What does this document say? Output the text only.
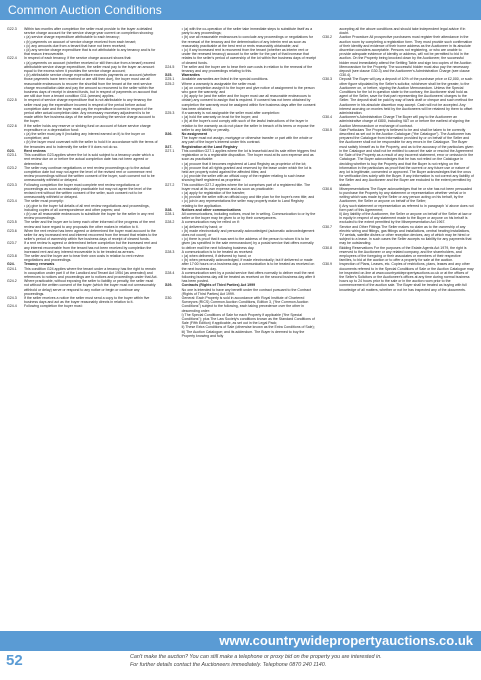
Common Auction Conditions
G22.3	Within two months after completion the seller must provide to the buyer a detailed service charge account for the service charge year current on completion showing:
• (a) service charge expenditure attributable to each tenancy;
• (b) payments on account of service charge received from each tenant;
• (c) any amounts due from a tenant that have not been received;
• (d) any service charge expenditure that is not attributable to any tenancy and is for that reason irrecoverable.
G22.4	In respect of each tenancy, if the service charge account shows that:
• (a) payments on account (whether received or still then due from a tenant) exceed attributable service charge expenditure, the seller must pay to the buyer an amount equal to the excess when it provides the service charge account;
• (b) attributable service charge expenditure exceeds payments on account (whether those payments have been received or are still then due), the buyer must use all reasonable endeavours to recover the shortfall from the tenant at the next service charge reconciliation date and pay the amount so recovered to the seller within five business days of receipt in cleared funds, but in respect of payments on account that are still due from a tenant condition G11 (arrears) applies.
G22.5	In respect of service charge expenditure that is not attributable to any tenancy the seller must pay the expenditure incurred in respect of the period before actual completion date and the buyer must pay the expenditure incurred in respect of the period after actual completion date. Any necessary monetary adjustment is to be made within five business days of the seller providing the service charge account to the buyer.
G22.6	If the seller holds any reserve or sinking fund on account of future service charge expenditure or a depreciation fund:
• (a) the seller must pay it (including any interest earned on it) to the buyer on completion; and
• (b) the buyer must covenant with the seller to hold it in accordance with the terms of the tenancies and to indemnify the seller if it does not do so.
G23.	Rent reviews
G23.1	This condition G23 applies where the lot is sold subject to a tenancy under which a rent review due on or before the actual completion date has not been agreed or determined.
G23.2	The seller may continue negotiations or rent review proceedings up to the actual completion date but may not agree the level of the revised rent or commence rent review proceedings without the written consent of the buyer, such consent not to be unreasonably withheld or delayed.
G23.3	Following completion the buyer must complete rent review negotiations or proceedings as soon as reasonably practicable but may not agree the level of the revised rent without the written consent of the seller, such consent not to be unreasonably withheld or delayed.
G23.4	The seller must promptly:
• (a) give to the buyer full details of all rent review negotiations and proceedings, including copies of all correspondence and other papers; and
• (b) use all reasonable endeavours to substitute the buyer for the seller in any rent review proceedings.
G23.5	The seller and the buyer are to keep each other informed of the progress of the rent review and have regard to any proposals the other makes in relation to it.
G23.6	When the rent review has been agreed or determined the buyer must account to the seller for any increased rent and interest recovered from the tenant that relates to the seller's period of ownership within five business days of receipt of cleared funds.
G23.7	If a rent review is agreed or determined before completion but the increased rent and any interest recoverable from the tenant has not been received by completion the increased rent and any interest recoverable is to be treated as arrears.
G23.8	The seller and the buyer are to bear their own costs in relation to rent review negotiations and proceedings.
G24.	Tenancy renewals
G24.1	This condition G24 applies where the tenant under a tenancy has the right to remain in occupation under part II of the Landlord and Tenant Act 1954 (as amended) and references to notices and proceedings are to notices and proceedings under that Act.
G24.2	Where practicable, without exposing the seller to liability or penalty, the seller must not without the written consent of the buyer (which the buyer must not unreasonably withhold or delay) serve or respond to any notice or begin or continue any proceedings.
G24.3	If the seller receives a notice the seller must send a copy to the buyer within five business days and act as the buyer reasonably directs in relation to it.
G24.4	Following completion the buyer must:
• (a) with the co-operation of the seller take immediate steps to substitute itself as a party to any proceedings;
• (b) use all reasonable endeavours to conclude any proceedings or negotiations for the renewal of the tenancy and the determination of any interim rent as soon as reasonably practicable at the best rent or rents reasonably obtainable; and
• (c) if any increased rent is recovered from the tenant (whether as interim rent or under the renewed tenancy) account to the seller for the part of that increase that relates to the seller's period of ownership of the lot within five business days of receipt of cleared funds.
G24.5	The seller and the buyer are to bear their own costs in relation to the renewal of the tenancy and any proceedings relating to this.
G25.	Warranties
G25.1	Available warranties are listed in the special conditions.
G25.2	Where a warranty is assignable the seller must:
• (a) on completion assign it to the buyer and give notice of assignment to the person who gave the warranty; and
• (b) apply for (and the seller and the buyer must use all reasonable endeavours to obtain) any consent to assign that is required. If consent has not been obtained by completion the warranty must be assigned within five business days after the consent has been obtained.
G25.3	If a warranty is not assignable the seller must after completion:
• (a) hold the warranty on trust for the buyer; and
• (b) at the buyer's cost comply with such of the lawful instructions of the buyer in relation to the warranty as do not place the seller in breach of its terms or expose the seller to any liability or penalty.
G26.	No assignment
The buyer must not assign, mortgage or otherwise transfer or part with the whole or any part of the buyer's interest under this contract.
G27.	Registration at the Land Registry
G27.1	This condition G27.1 applies where the lot is leasehold and its sale either triggers first registration or is a registrable disposition. The buyer must at its own expense and as soon as practicable:
• (a) procure that it becomes registered at Land Registry as proprietor of the lot;
• (b) procure that all rights granted and reserved by the lease under which the lot is held are properly noted against the affected titles; and
• (c) provide the seller with an official copy of the register relating to such lease showing itself registered as proprietor.
G27.2	This condition G27.2 applies where the lot comprises part of a registered title. The buyer must at its own expense and as soon as practicable:
• (a) apply for registration of the transfer;
• (b) provide the seller with an official copy and title plan for the buyer's new title; and
• (c) join in any representations the seller may properly make to Land Registry relating to the application.
G28.	Notices and other communications
G28.1	All communications, including notices, must be in writing. Communication to or by the seller or the buyer may be given to or by their conveyancers.
G28.2	A communication may be relied on if:
• (a) delivered by hand; or
• (b) made electronically and personally acknowledged (automatic acknowledgement does not count); or
• (c) there is proof that it was sent to the address of the person to whom it is to be given (as specified in the sale memorandum) by a postal service that offers normally to deliver mail the next following business day.
G28.3	A communication is to be treated as received:
• (a) when delivered, if delivered by hand; or
• (b) when personally acknowledged, if made electronically; but if delivered or made after 17:00 hours on a business day a communication is to be treated as received on the next business day.
G28.4	A communication sent by a postal service that offers normally to deliver mail the next following business day will be treated as received on the second business day after it has been posted.
G29.	Contracts (Rights of Third Parties) Act 1999
No one is intended to have any benefit under the contract pursuant to the Contract (Rights of Third Parties) Act 1999.
G30.	General: Each Property is sold in accordance with Royal Institute of Chartered Surveyors (RICS) Common Auction Conditions, Edition 3, ("the Common Auction Conditions") subject to the following, each taking precedence over the other in descending order:
i) The Special Conditions of Sale for each Property if applicable ("the Special Conditions"); plus The Law Society's conditions known as the Standard Conditions of Sale (Fifth Edition) if applicable, as set out in the Legal Pack;
ii) These Extra Conditions of Sale (otherwise known as the Extra Conditions of Sale);
iii) The Auction Catalogue; and its addendum. The Buyer is deemed to buy the Property knowing and fully
accepting all the above conditions and should take independent legal advice if in doubt.
G30.2	Auction Procedure All prospective purchasers must register their attendance in the auction room by completing a registration form. They must provide such confirmation of their identity and evidence of their home address as the Auctioneer in its absolute discretion considers acceptable. Persons not registering, or who are unable to provide adequate evidence of identity or address, will not be permitted to bid in the auction. On the Property being knocked down by the Auctioneer, the successful bidder must immediately attend the Settling Table and sign two copies of the Auction Memorandum for the Property. The successful bidder must also pay the necessary deposit (see clause G30.3) and the Auctioneer's Administration Charge (see clause G30.4).
G30.3	Deposit The Buyer will pay a deposit of 10% of the purchase price or £2,000, or such other figure stipulated by the Seller's solicitor, whichever shall be the greater, to the Auctioneer on, or before, signing the Auction Memorandum. Unless the Special Conditions for the lot in question state to the contrary, the Auctioneer shall hold as agent of the Seller, save for that part representing the Auctioneers' charges to the Seller. The deposit shall be paid by way of bank draft or cheque and such method the Auctioneer in his absolute discretion may accept. Cash will not be accepted. Any interest accruing on monies held by the Auctioneers will be retained by them to offset administration.
G30.4	Auctioneer's Administration Charge The Buyer will pay to the Auctioneer an administrative charge of £800, including VAT on or before the earliest of signing the Auction Memorandum or exchange of contract.
G30.5	Sale Particulars The Property is believed to be and shall be taken to be correctly described as set out in the Auction Catalogue ("the Catalogue"). The Auctioneer has prepared the Catalogue from information provided by or on behalf of the Seller and the Auctioneer shall not be responsible for any errors in the Catalogue. The Buyer must satisfy himself as to the Property, and as to the accuracy of the particulars given in the Catalogue and shall not be entitled to cancel the sale or rescind the Agreement for Sale of the Property as a result of any incorrect statement, error or omission in the Catalogue. The Buyer acknowledges that he has not relied on the Catalogue in deciding whether to buy the Property and that the Buyer is not relying on the information in the particulars as proof that the current or any future use or nature of any lot is legitimate, consented or approved. The Buyer acknowledges that the onus for verification lies solely with the Buyer. If any information is not correct any liability of the Seller and any Auctioneer and the Buyer are excluded to the extent permitted by statute.
G30.6	Misrepresentations The Buyer acknowledges that he or she has not been persuaded to purchase the Property by any statement or representation whether verbal or in writing which was made by the Seller or any person acting on his behalf, by the Auctioneer, the Seller or anyone on behalf of the Seller;
i) Any such statement or representation as referred to in paragraph 'a' above does not form part of this Agreement;
ii) Any liability of the Auctioneer, the Seller or anyone on behalf of the Seller at law or in equity in respect of any statement made to the Buyer or anyone on his behalf is excluded to the extent permitted by the Misrepresentation Act 1967.
G30.7	Service and Other Fittings The Seller makes no claim as to the ownership of any electric wiring and fittings, gas fittings and installations, central heating installations, TV aerials, satellite dishes or other reception devices, any of which may be hired or subject to a lease. In such cases the Seller accepts no liability for any payments that may be outstanding.
G30.8	Bidding Reservations For the purposes of the Estate Agents Act 1979, the right is reserved to the Auctioneer or any related company, and the shareholders, and employees of the foregoing or their associates or members of their respective families, to bid at the auction or to offer a property for sale at the auction.
G30.9	Inspection of Plans, Leases, etc. Copies of restrictions, plans, leases and any other documents referred to in the Special Conditions of Sale or the Auction Catalogue may be inspected on-line at www.countrywidepropertyauctions.co.uk or at the offices of the Seller's Solicitors or the Auctioneer's offices at any time during normal business hours up to 24 hours prior to the sale or in the auction room prior to the commencement of the auction sale. The Buyer shall be treated as buying with full knowledge of all matters, whether or not he has inspected any of the documents.
www.countrywidepropertyauctions.co.uk
52	Can't make the auction? You can still make a telephone or proxy bid on the property you are interested in.
For further details contact the Auctioneers immediately. Telephone 0870 240 1140.
